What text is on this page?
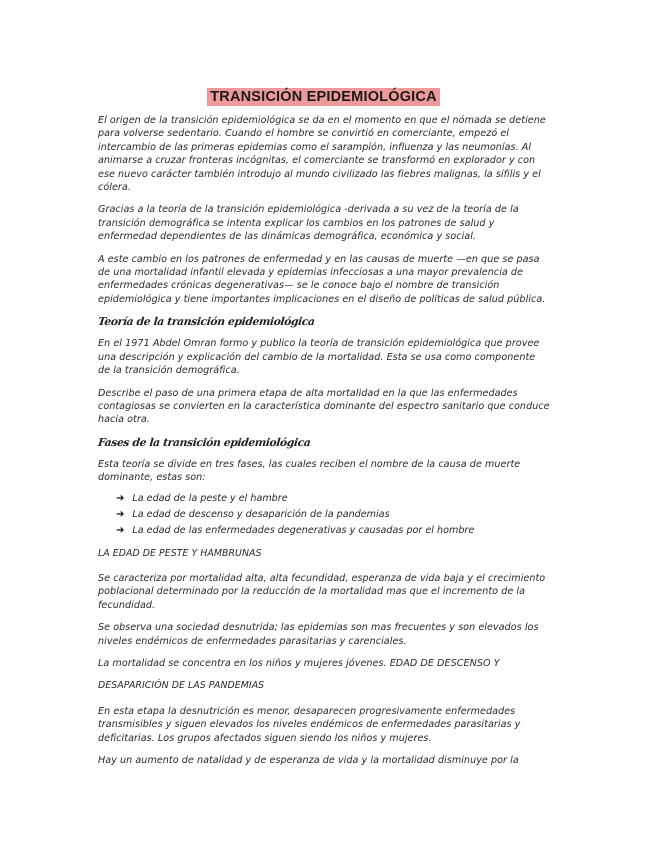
TRANSICIÓN EPIDEMIOLÓGICA

El origen de la transición epidemiológica se da en el momento en que el nómada se detiene para volverse sedentario. Cuando el hombre se convirtió en comerciante, empezó el intercambio de las primeras epidemias como el sarampión, influenza y las neumonías. Al animarse a cruzar fronteras incógnitas, el comerciante se transformó en explorador y con ese nuevo carácter también introdujo al mundo civilizado las fiebres malignas, la sífilis y el cólera.

Gracias a la teoría de la transición epidemiológica -derivada a su vez de la teoría de la transición demográfica se intenta explicar los cambios en los patrones de salud y enfermedad dependientes de las dinámicas demográfica, económica y social.

A este cambio en los patrones de enfermedad y en las causas de muerte —en que se pasa de una mortalidad infantil elevada y epidemias infecciosas a una mayor prevalencia de enfermedades crónicas degenerativas— se le conoce bajo el nombre de transición epidemiológica y tiene importantes implicaciones en el diseño de políticas de salud pública.

Teoría de la transición epidemiológica

En el 1971 Abdel Omran formo y publico la teoría de transición epidemiológica que provee una descripción y explicación del cambio de la mortalidad. Esta se usa como componente de la transición demográfica.

Describe el paso de una primera etapa de alta mortalidad en la que las enfermedades contagiosas se convierten en la característica dominante del espectro sanitario que conduce hacia otra.

Fases de la transición epidemiológica

Esta teoría se divide en tres fases, las cuales reciben el nombre de la causa de muerte dominante, estas son:

➔ La edad de la peste y el hambre
➔ La edad de descenso y desaparición de la pandemias
➔ La edad de las enfermedades degenerativas y causadas por el hombre

LA EDAD DE PESTE Y HAMBRUNAS

Se caracteriza por mortalidad alta, alta fecundidad, esperanza de vida baja y el crecimiento poblacional determinado por la reducción de la mortalidad mas que el incremento de la fecundidad.

Se observa una sociedad desnutrida; las epidemias son mas frecuentes y son elevados los niveles endémicos de enfermedades parasitarias y carenciales.

La mortalidad se concentra en los niños y mujeres jóvenes. EDAD DE DESCENSO Y

DESAPARICIÓN DE LAS PANDEMIAS

En esta etapa la desnutrición es menor, desaparecen progresivamente enfermedades transmisibles y siguen elevados los niveles endémicos de enfermedades parasitarias y deficitarias. Los grupos afectados siguen siendo los niños y mujeres.

Hay un aumento de natalidad y de esperanza de vida y la mortalidad disminuye por la
